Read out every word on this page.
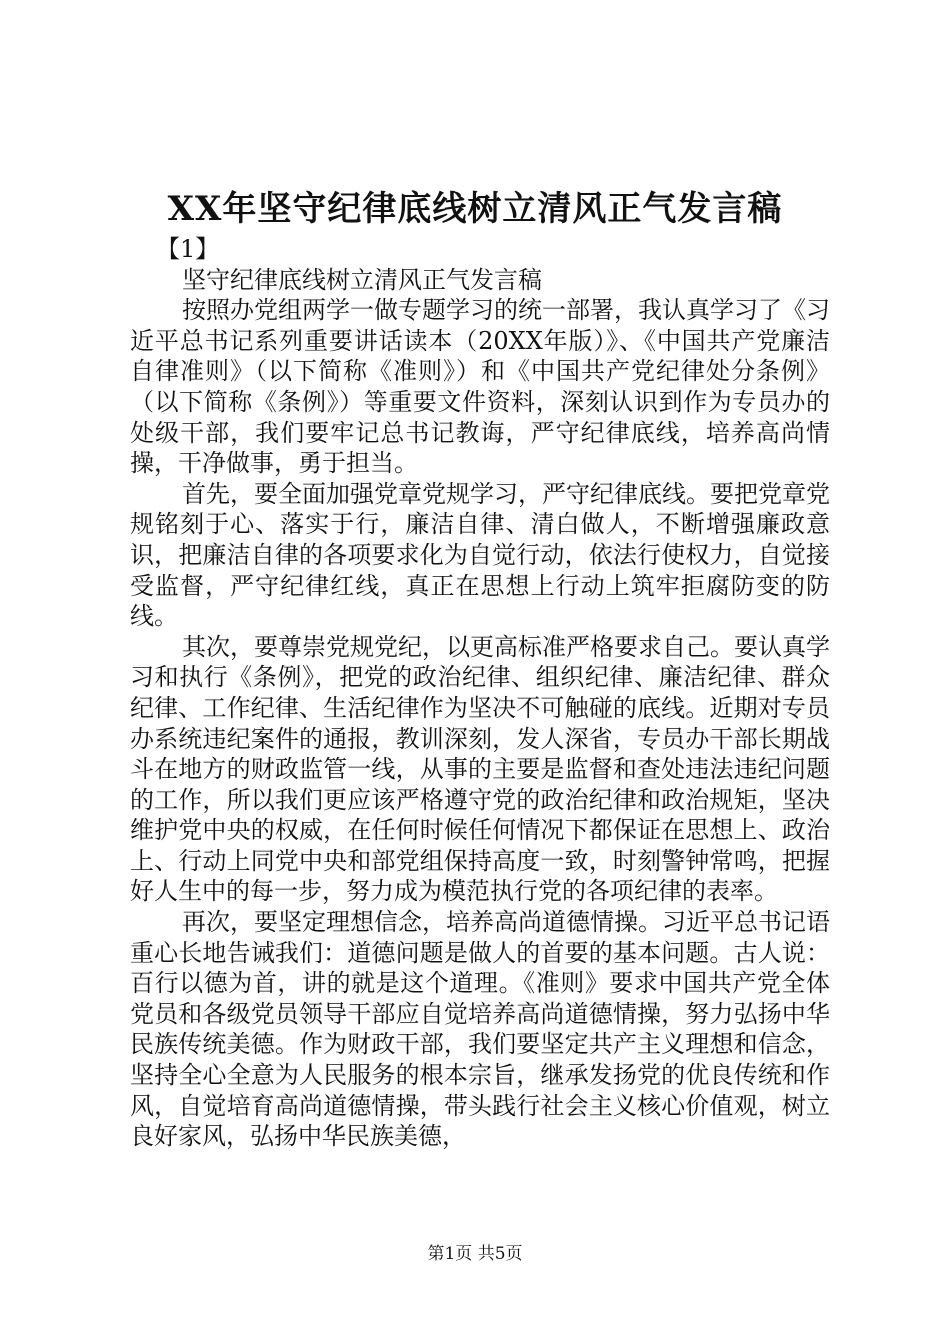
XX年坚守纪律底线树立清风正气发言稿

【1】

坚守纪律底线树立清风正气发言稿

按照办党组两学一做专题学习的统一部署，我认真学习了《习近平总书记系列重要讲话读本（20XX年版）》、《中国共产党廉洁自律准则》（以下简称《准则》）和《中国共产党纪律处分条例》（以下简称《条例》）等重要文件资料，深刻认识到作为专员办的处级干部，我们要牢记总书记教诲，严守纪律底线，培养高尚情操，干净做事，勇于担当。

首先，要全面加强党章党规学习，严守纪律底线。要把党章党规铭刻于心、落实于行，廉洁自律、清白做人，不断增强廉政意识，把廉洁自律的各项要求化为自觉行动，依法行使权力，自觉接受监督，严守纪律红线，真正在思想上行动上筑牢拒腐防变的防线。

其次，要尊崇党规党纪，以更高标准严格要求自己。要认真学习和执行《条例》，把党的政治纪律、组织纪律、廉洁纪律、群众纪律、工作纪律、生活纪律作为坚决不可触碰的底线。近期对专员办系统违纪案件的通报，教训深刻，发人深省，专员办干部长期战斗在地方的财政监管一线，从事的主要是监督和查处违法违纪问题的工作，所以我们更应该严格遵守党的政治纪律和政治规矩，坚决维护党中央的权威，在任何时候任何情况下都保证在思想上、政治上、行动上同党中央和部党组保持高度一致，时刻警钟常鸣，把握好人生中的每一步，努力成为模范执行党的各项纪律的表率。

再次，要坚定理想信念，培养高尚道德情操。习近平总书记语重心长地告诫我们：道德问题是做人的首要的基本问题。古人说：百行以德为首，讲的就是这个道理。《准则》要求中国共产党全体党员和各级党员领导干部应自觉培养高尚道德情操，努力弘扬中华民族传统美德。作为财政干部，我们要坚定共产主义理想和信念，坚持全心全意为人民服务的根本宗旨，继承发扬党的优良传统和作风，自觉培育高尚道德情操，带头践行社会主义核心价值观，树立良好家风，弘扬中华民族美德，

第1页 共5页
